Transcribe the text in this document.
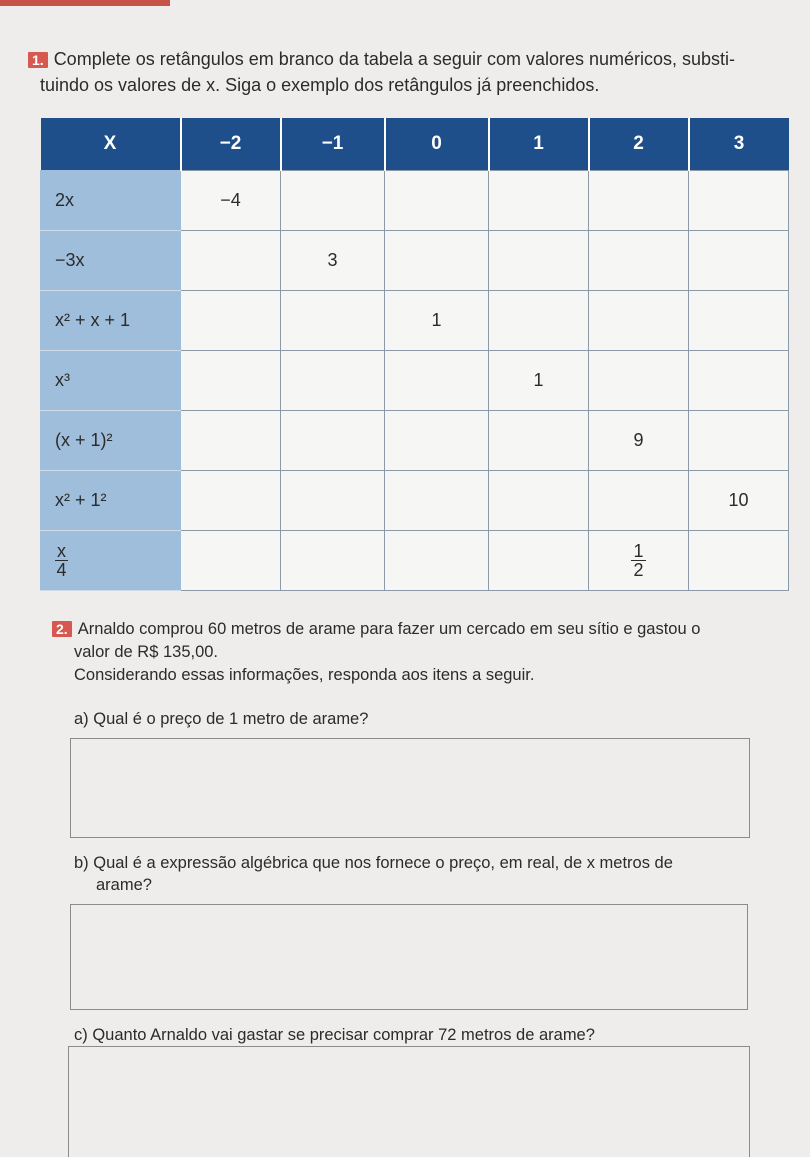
1. Complete os retângulos em branco da tabela a seguir com valores numéricos, substi-
tuindo os valores de x. Siga o exemplo dos retângulos já preenchidos.
X	−2	−1	0	1	2	3
2x	−4					
−3x		3				
x² + x + 1			1			
x³				1		
(x + 1)²					9	
x² + 1²						10

$\frac{x}{4}$					$\frac{1}{2}$

2. Arnaldo comprou 60 metros de arame para fazer um cercado em seu sítio e gastou o
valor de R$ 135,00.
Considerando essas informações, responda aos itens a seguir.
a) Qual é o preço de 1 metro de arame?
b) Qual é a expressão algébrica que nos fornece o preço, em real, de x metros de
arame?
c) Quanto Arnaldo vai gastar se precisar comprar 72 metros de arame?
